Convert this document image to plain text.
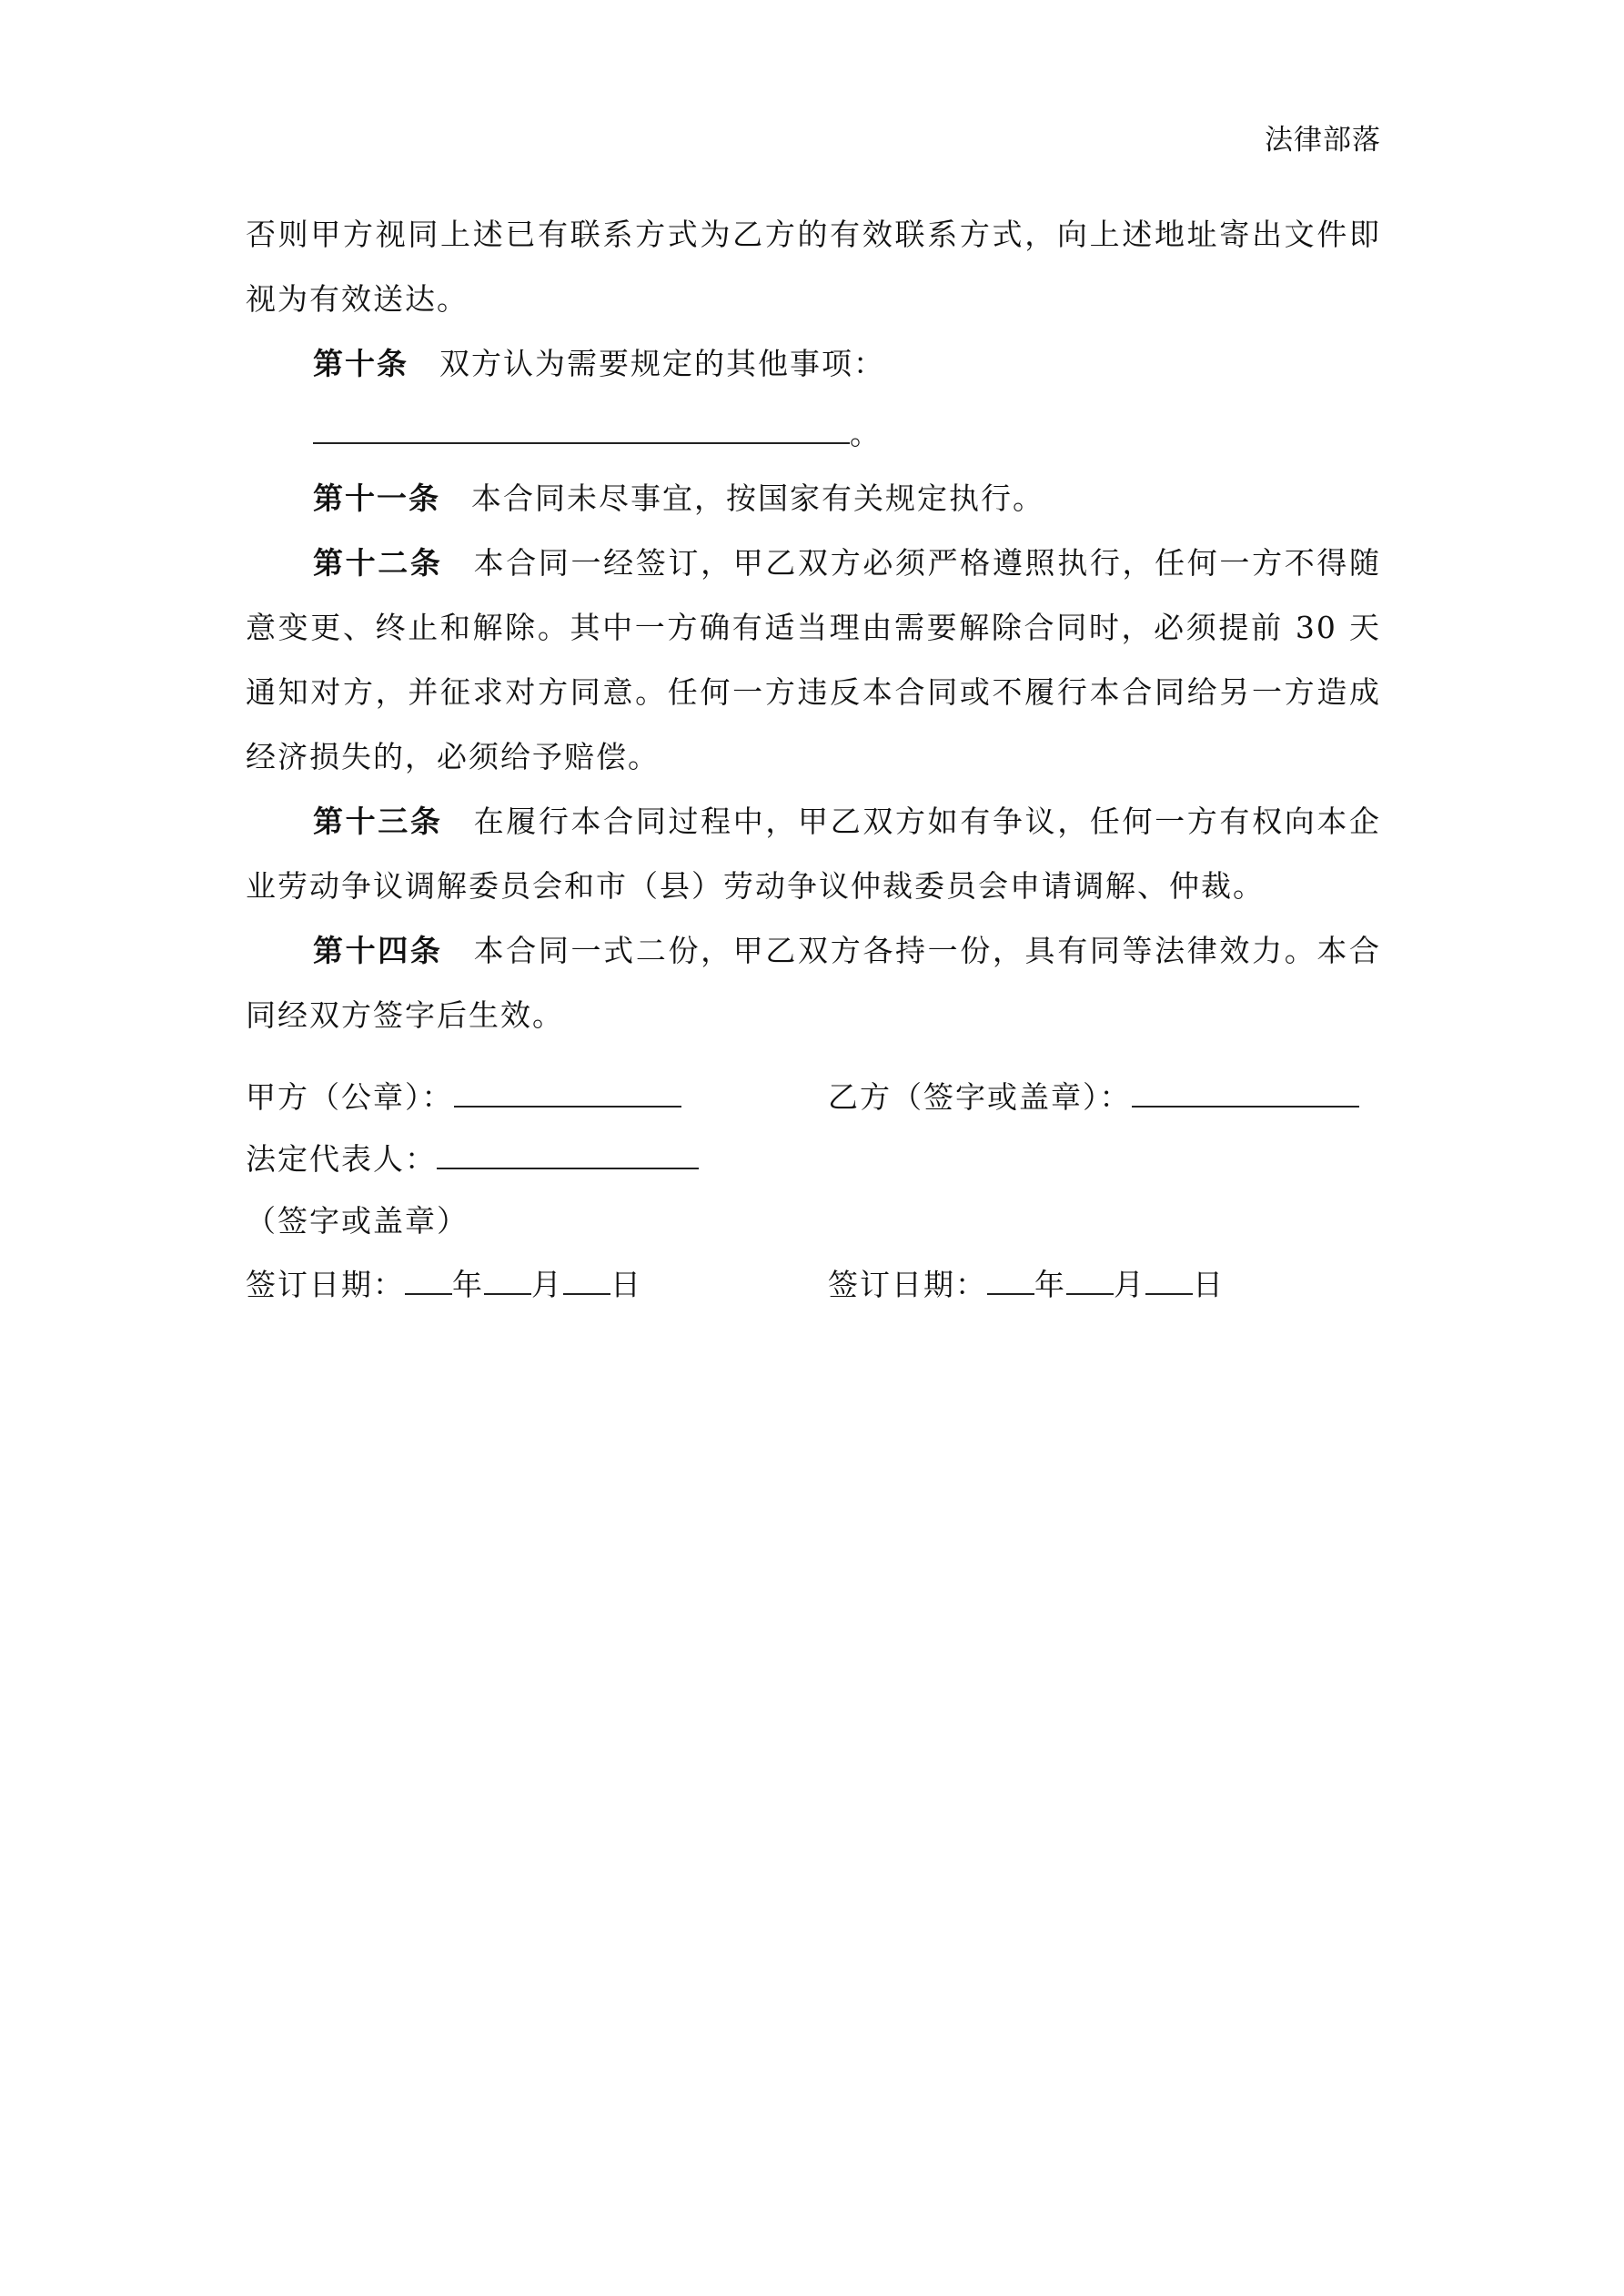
法律部落

否则甲方视同上述已有联系方式为乙方的有效联系方式，向上述地址寄出文件即视为有效送达。

第十条 双方认为需要规定的其他事项：

。

第十一条 本合同未尽事宜，按国家有关规定执行。

第十二条 本合同一经签订，甲乙双方必须严格遵照执行，任何一方不得随意变更、终止和解除。其中一方确有适当理由需要解除合同时，必须提前 30 天通知对方，并征求对方同意。任何一方违反本合同或不履行本合同给另一方造成经济损失的，必须给予赔偿。

第十三条 在履行本合同过程中，甲乙双方如有争议，任何一方有权向本企业劳动争议调解委员会和市（县）劳动争议仲裁委员会申请调解、仲裁。

第十四条 本合同一式二份，甲乙双方各持一份，具有同等法律效力。本合同经双方签字后生效。

甲方（公章）：	乙方（签字或盖章）：
法定代表人：
（签字或盖章）
签订日期： 年 月 日	签订日期： 年 月 日
